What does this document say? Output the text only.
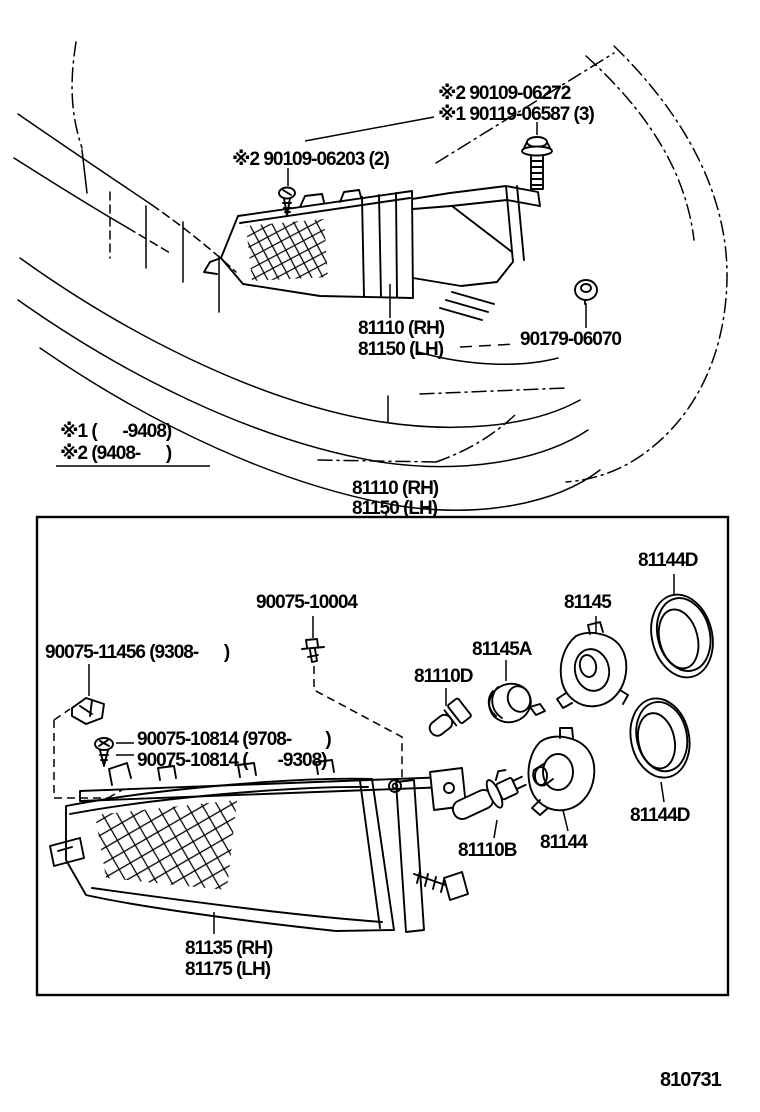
※2 90109-06272
※1 90119-06587 (3)
※2 90109-06203 (2)
81110 (RH)
81150 (LH)	90179-06070
※1 (      -9408)
※2 (9408-      )
81110 (RH)
81150 (LH)
90075-10004
81144D
81145
81145A
81110D
90075-11456 (9308-      )
90075-10814 (9708-        )
90075-10814 (       -9308)
81110B 81144
81144D
81135 (RH)
81175 (LH)
810731
